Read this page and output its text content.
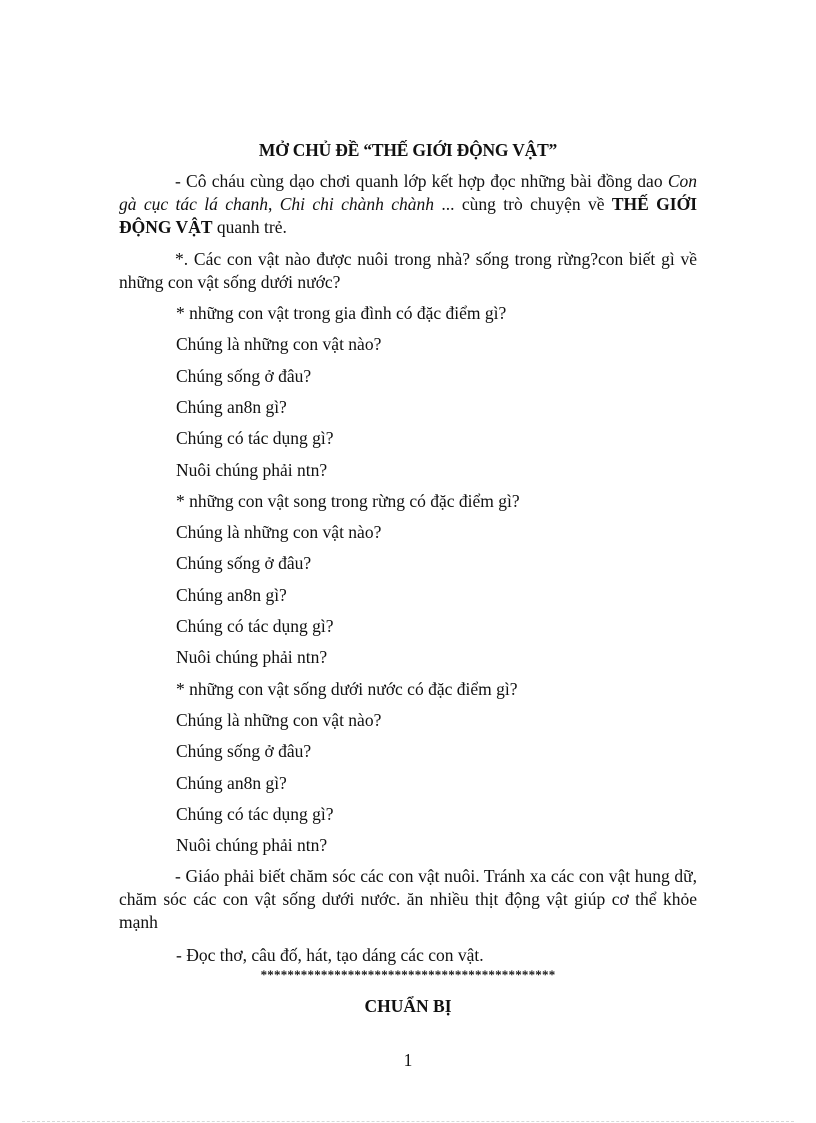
MỞ CHỦ ĐỀ “THẾ GIỚI ĐỘNG VẬT”
- Cô cháu cùng dạo chơi quanh lớp kết hợp đọc những bài đồng dao Con gà cục tác lá chanh, Chi chi chành chành ... cùng trò chuyện về THẾ GIỚI ĐỘNG VẬT quanh trẻ.
*. Các con vật nào được nuôi trong nhà? sống trong rừng?con biết gì về những con vật sống dưới nước?
* những con vật trong gia đình có đặc điểm gì?
Chúng là những con vật nào?
Chúng sống ở đâu?
Chúng an8n gì?
Chúng có tác dụng gì?
Nuôi chúng phải ntn?
* những con vật song trong rừng có đặc điểm gì?
Chúng là những con vật nào?
Chúng sống ở đâu?
Chúng an8n gì?
Chúng có tác dụng gì?
Nuôi chúng phải ntn?
* những con vật sống dưới nước có đặc điểm gì?
Chúng là những con vật nào?
Chúng sống ở đâu?
Chúng an8n gì?
Chúng có tác dụng gì?
Nuôi chúng phải ntn?
- Giáo phải biết chăm sóc các con vật nuôi. Tránh xa các con vật hung dữ, chăm sóc các con vật sống dưới nước. ăn nhiều thịt động vật giúp cơ thể khỏe mạnh
- Đọc thơ, câu đố, hát, tạo dáng các con vật.
********************************************
CHUẨN BỊ
1
